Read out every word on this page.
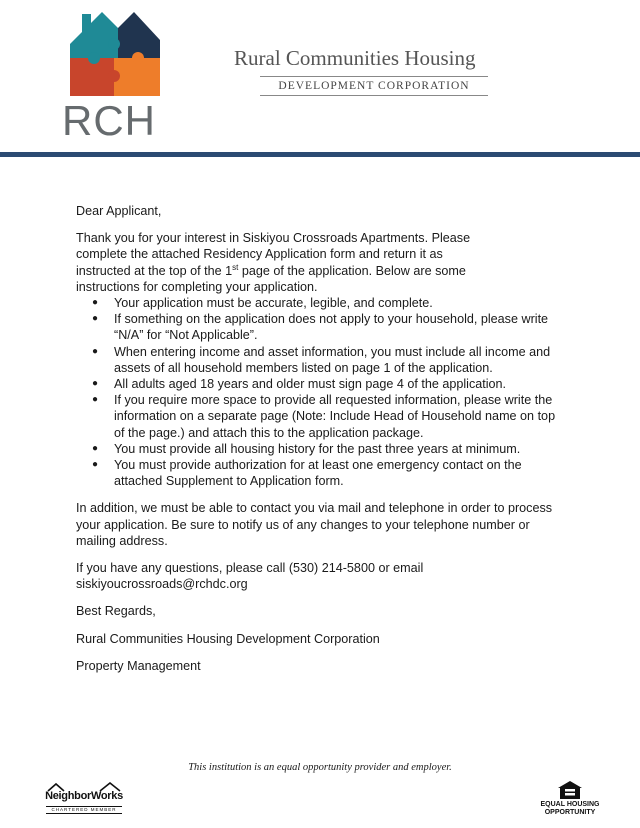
RCH
Rural Communities Housing
DEVELOPMENT CORPORATION

Dear Applicant,

Thank you for your interest in Siskiyou Crossroads Apartments. Please complete the attached Residency Application form and return it as instructed at the top of the 1st page of the application. Below are some instructions for completing your application.

● Your application must be accurate, legible, and complete.
● If something on the application does not apply to your household, please write “N/A” for “Not Applicable”.
● When entering income and asset information, you must include all income and assets of all household members listed on page 1 of the application.
● All adults aged 18 years and older must sign page 4 of the application.
● If you require more space to provide all requested information, please write the information on a separate page (Note: Include Head of Household name on top of the page.) and attach this to the application package.
● You must provide all housing history for the past three years at minimum.
● You must provide authorization for at least one emergency contact on the attached Supplement to Application form.

In addition, we must be able to contact you via mail and telephone in order to process your application. Be sure to notify us of any changes to your telephone number or mailing address.

If you have any questions, please call (530) 214-5800 or email siskiyoucrossroads@rchdc.org

Best Regards,

Rural Communities Housing Development Corporation

Property Management

This institution is an equal opportunity provider and employer.
NeighborWorks
CHARTERED MEMBER
EQUAL HOUSING
OPPORTUNITY
